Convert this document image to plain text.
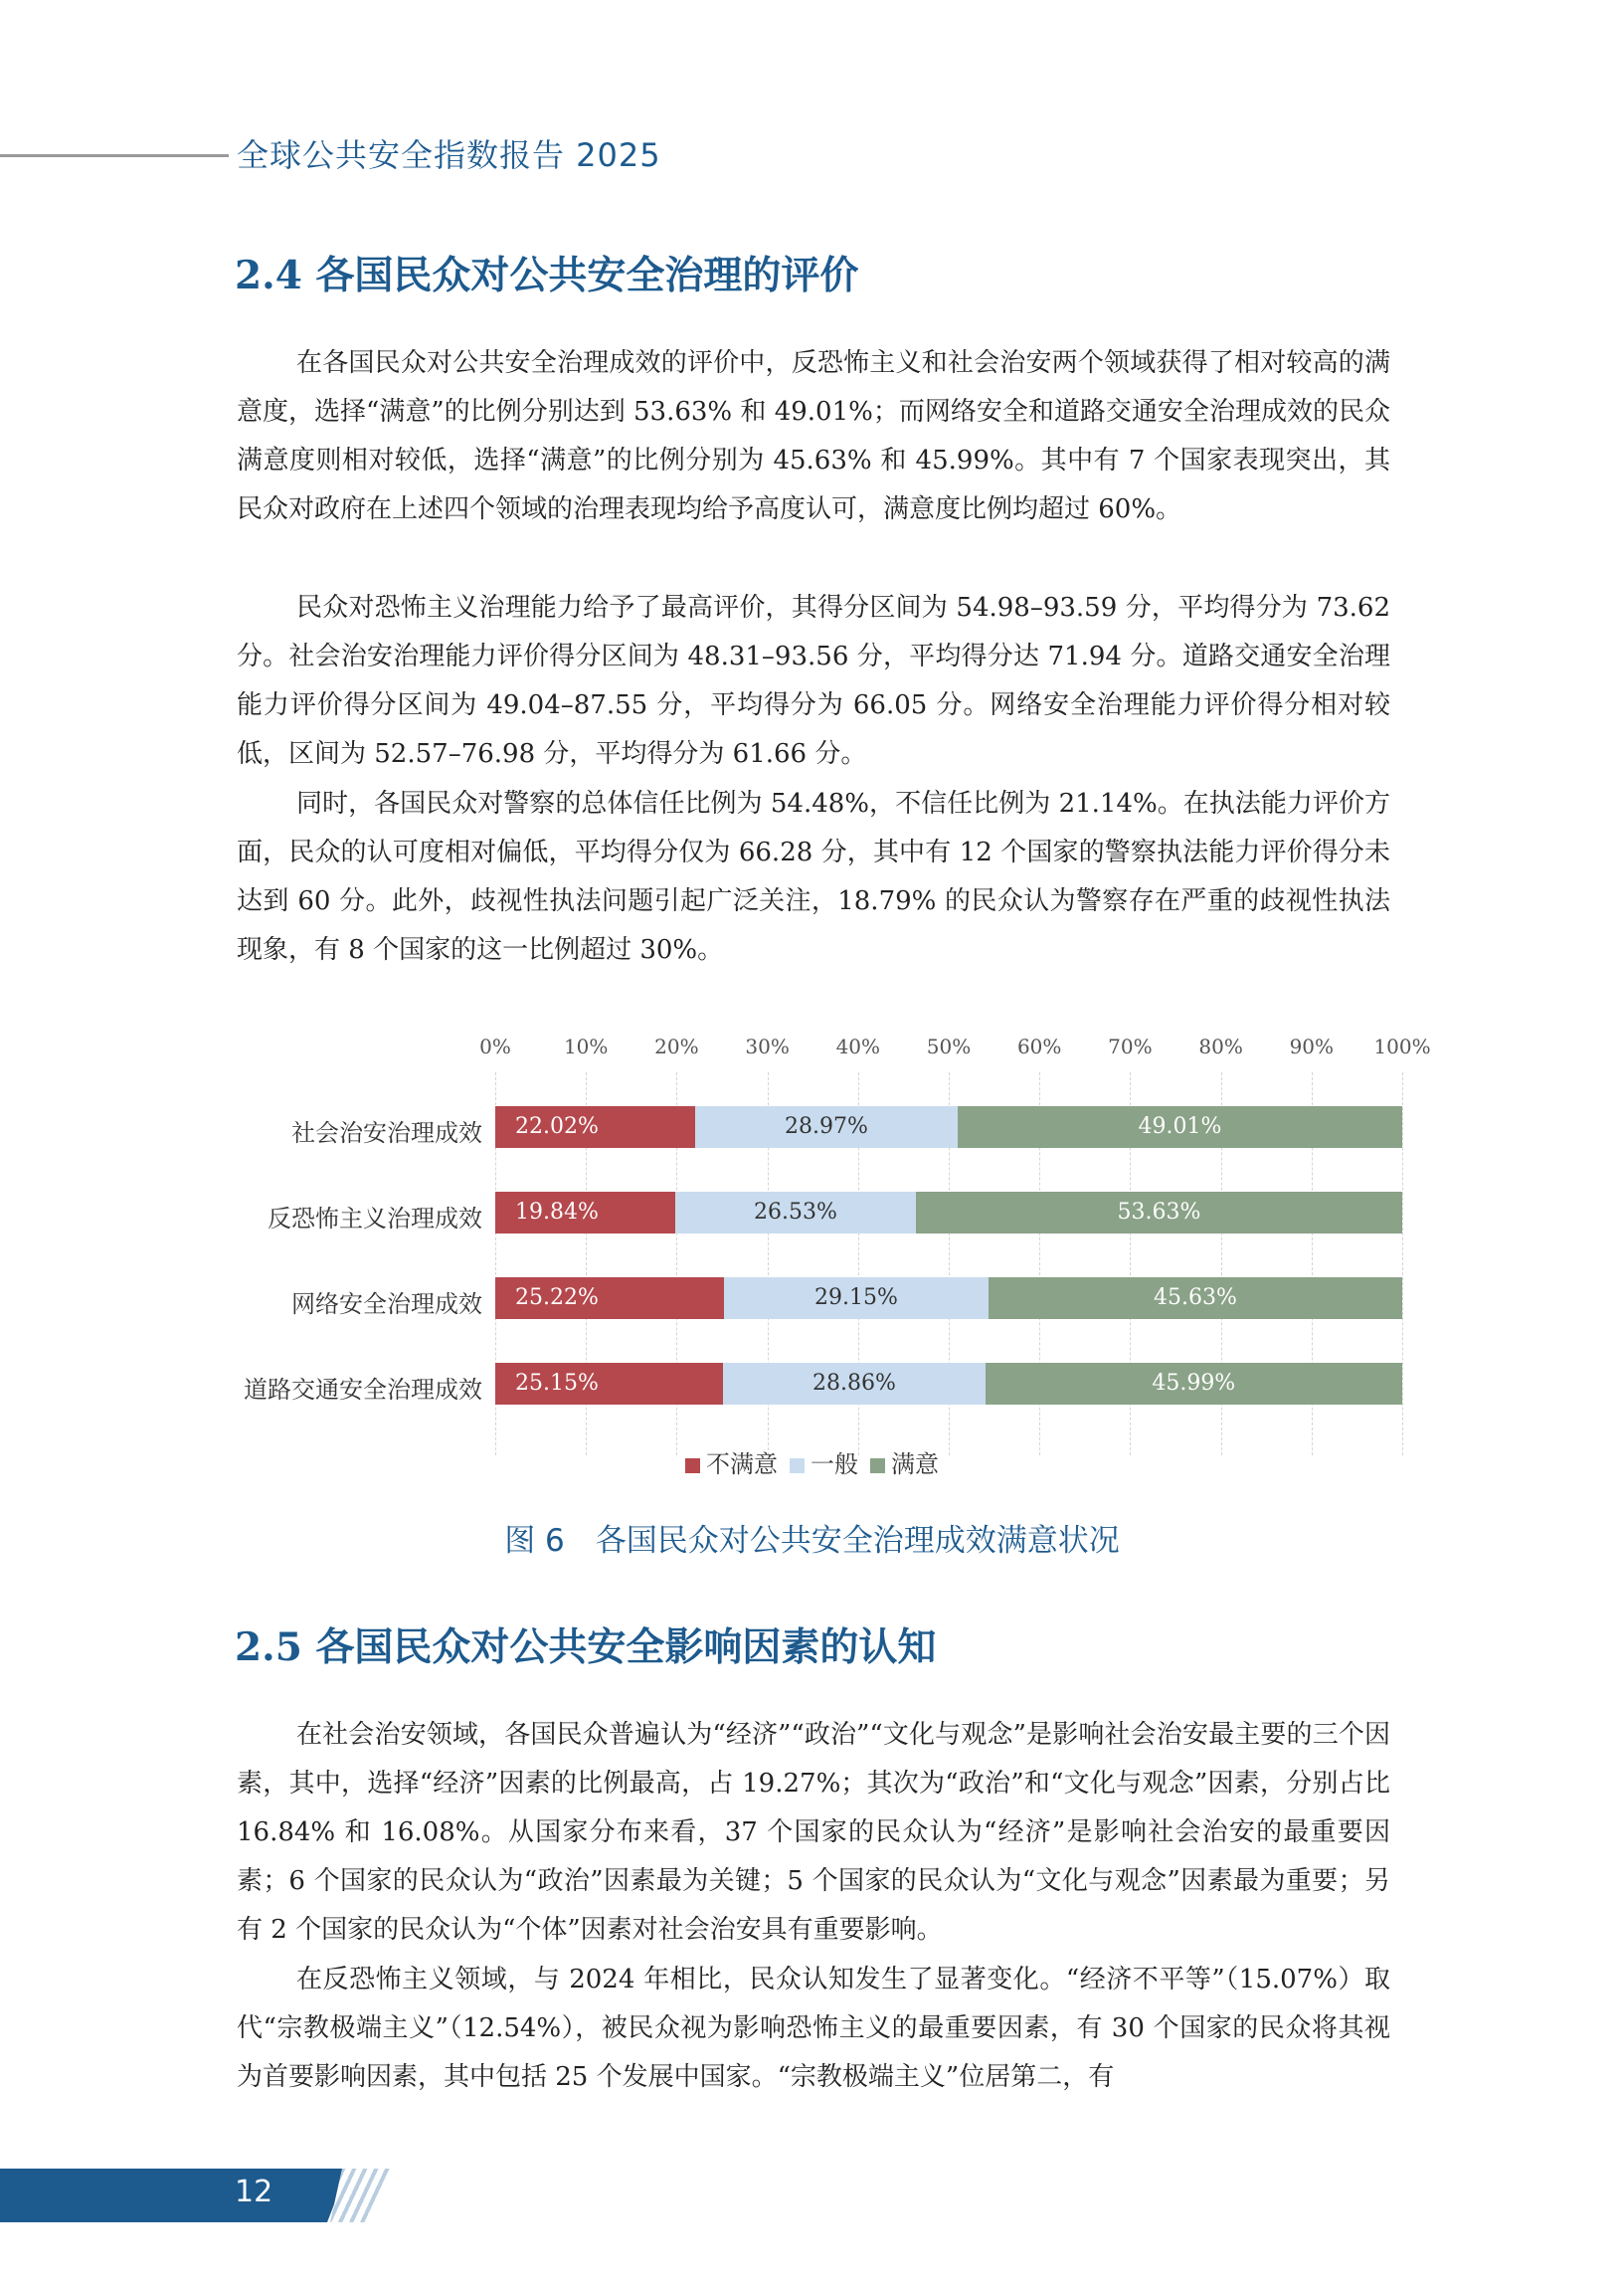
全球公共安全指数报告 2025
2.4 各国民众对公共安全治理的评价

在各国民众对公共安全治理成效的评价中，反恐怖主义和社会治安两个领域获得了相对较高的满意度，选择“满意”的比例分别达到 53.63% 和 49.01%；而网络安全和道路交通安全治理成效的民众满意度则相对较低，选择“满意”的比例分别为 45.63% 和 45.99%。其中有 7 个国家表现突出，其民众对政府在上述四个领域的治理表现均给予高度认可，满意度比例均超过 60%。

民众对恐怖主义治理能力给予了最高评价，其得分区间为 54.98–93.59 分，平均得分为 73.62 分。社会治安治理能力评价得分区间为 48.31–93.56 分，平均得分达 71.94 分。道路交通安全治理能力评价得分区间为 49.04–87.55 分，平均得分为 66.05 分。网络安全治理能力评价得分相对较低，区间为 52.57–76.98 分，平均得分为 61.66 分。

同时，各国民众对警察的总体信任比例为 54.48%，不信任比例为 21.14%。在执法能力评价方面，民众的认可度相对偏低，平均得分仅为 66.28 分，其中有 12 个国家的警察执法能力评价得分未达到 60 分。此外，歧视性执法问题引起广泛关注，18.79% 的民众认为警察存在严重的歧视性执法现象，有 8 个国家的这一比例超过 30%。

0%	10% 20% 30% 40% 50% 60% 70% 80% 90% 100%
社会治安治理成效	22.02%	28.97%	49.01%
反恐怖主义治理成效	19.84%	26.53%	53.63%
网络安全治理成效	25.22%	29.15%	45.63%
道路交通安全治理成效	25.15%	28.86%	45.99%
不满意 一般 满意
图 6　各国民众对公共安全治理成效满意状况
2.5 各国民众对公共安全影响因素的认知

在社会治安领域，各国民众普遍认为“经济”“政治”“文化与观念”是影响社会治安最主要的三个因素，其中，选择“经济”因素的比例最高，占 19.27%；其次为“政治”和“文化与观念”因素，分别占比 16.84% 和 16.08%。从国家分布来看，37 个国家的民众认为“经济”是影响社会治安的最重要因素；6 个国家的民众认为“政治”因素最为关键；5 个国家的民众认为“文化与观念”因素最为重要；另有 2 个国家的民众认为“个体”因素对社会治安具有重要影响。

在反恐怖主义领域，与 2024 年相比，民众认知发生了显著变化。“经济不平等”（15.07%）取代“宗教极端主义”（12.54%），被民众视为影响恐怖主义的最重要因素，有 30 个国家的民众将其视为首要影响因素，其中包括 25 个发展中国家。“宗教极端主义”位居第二，有

12
